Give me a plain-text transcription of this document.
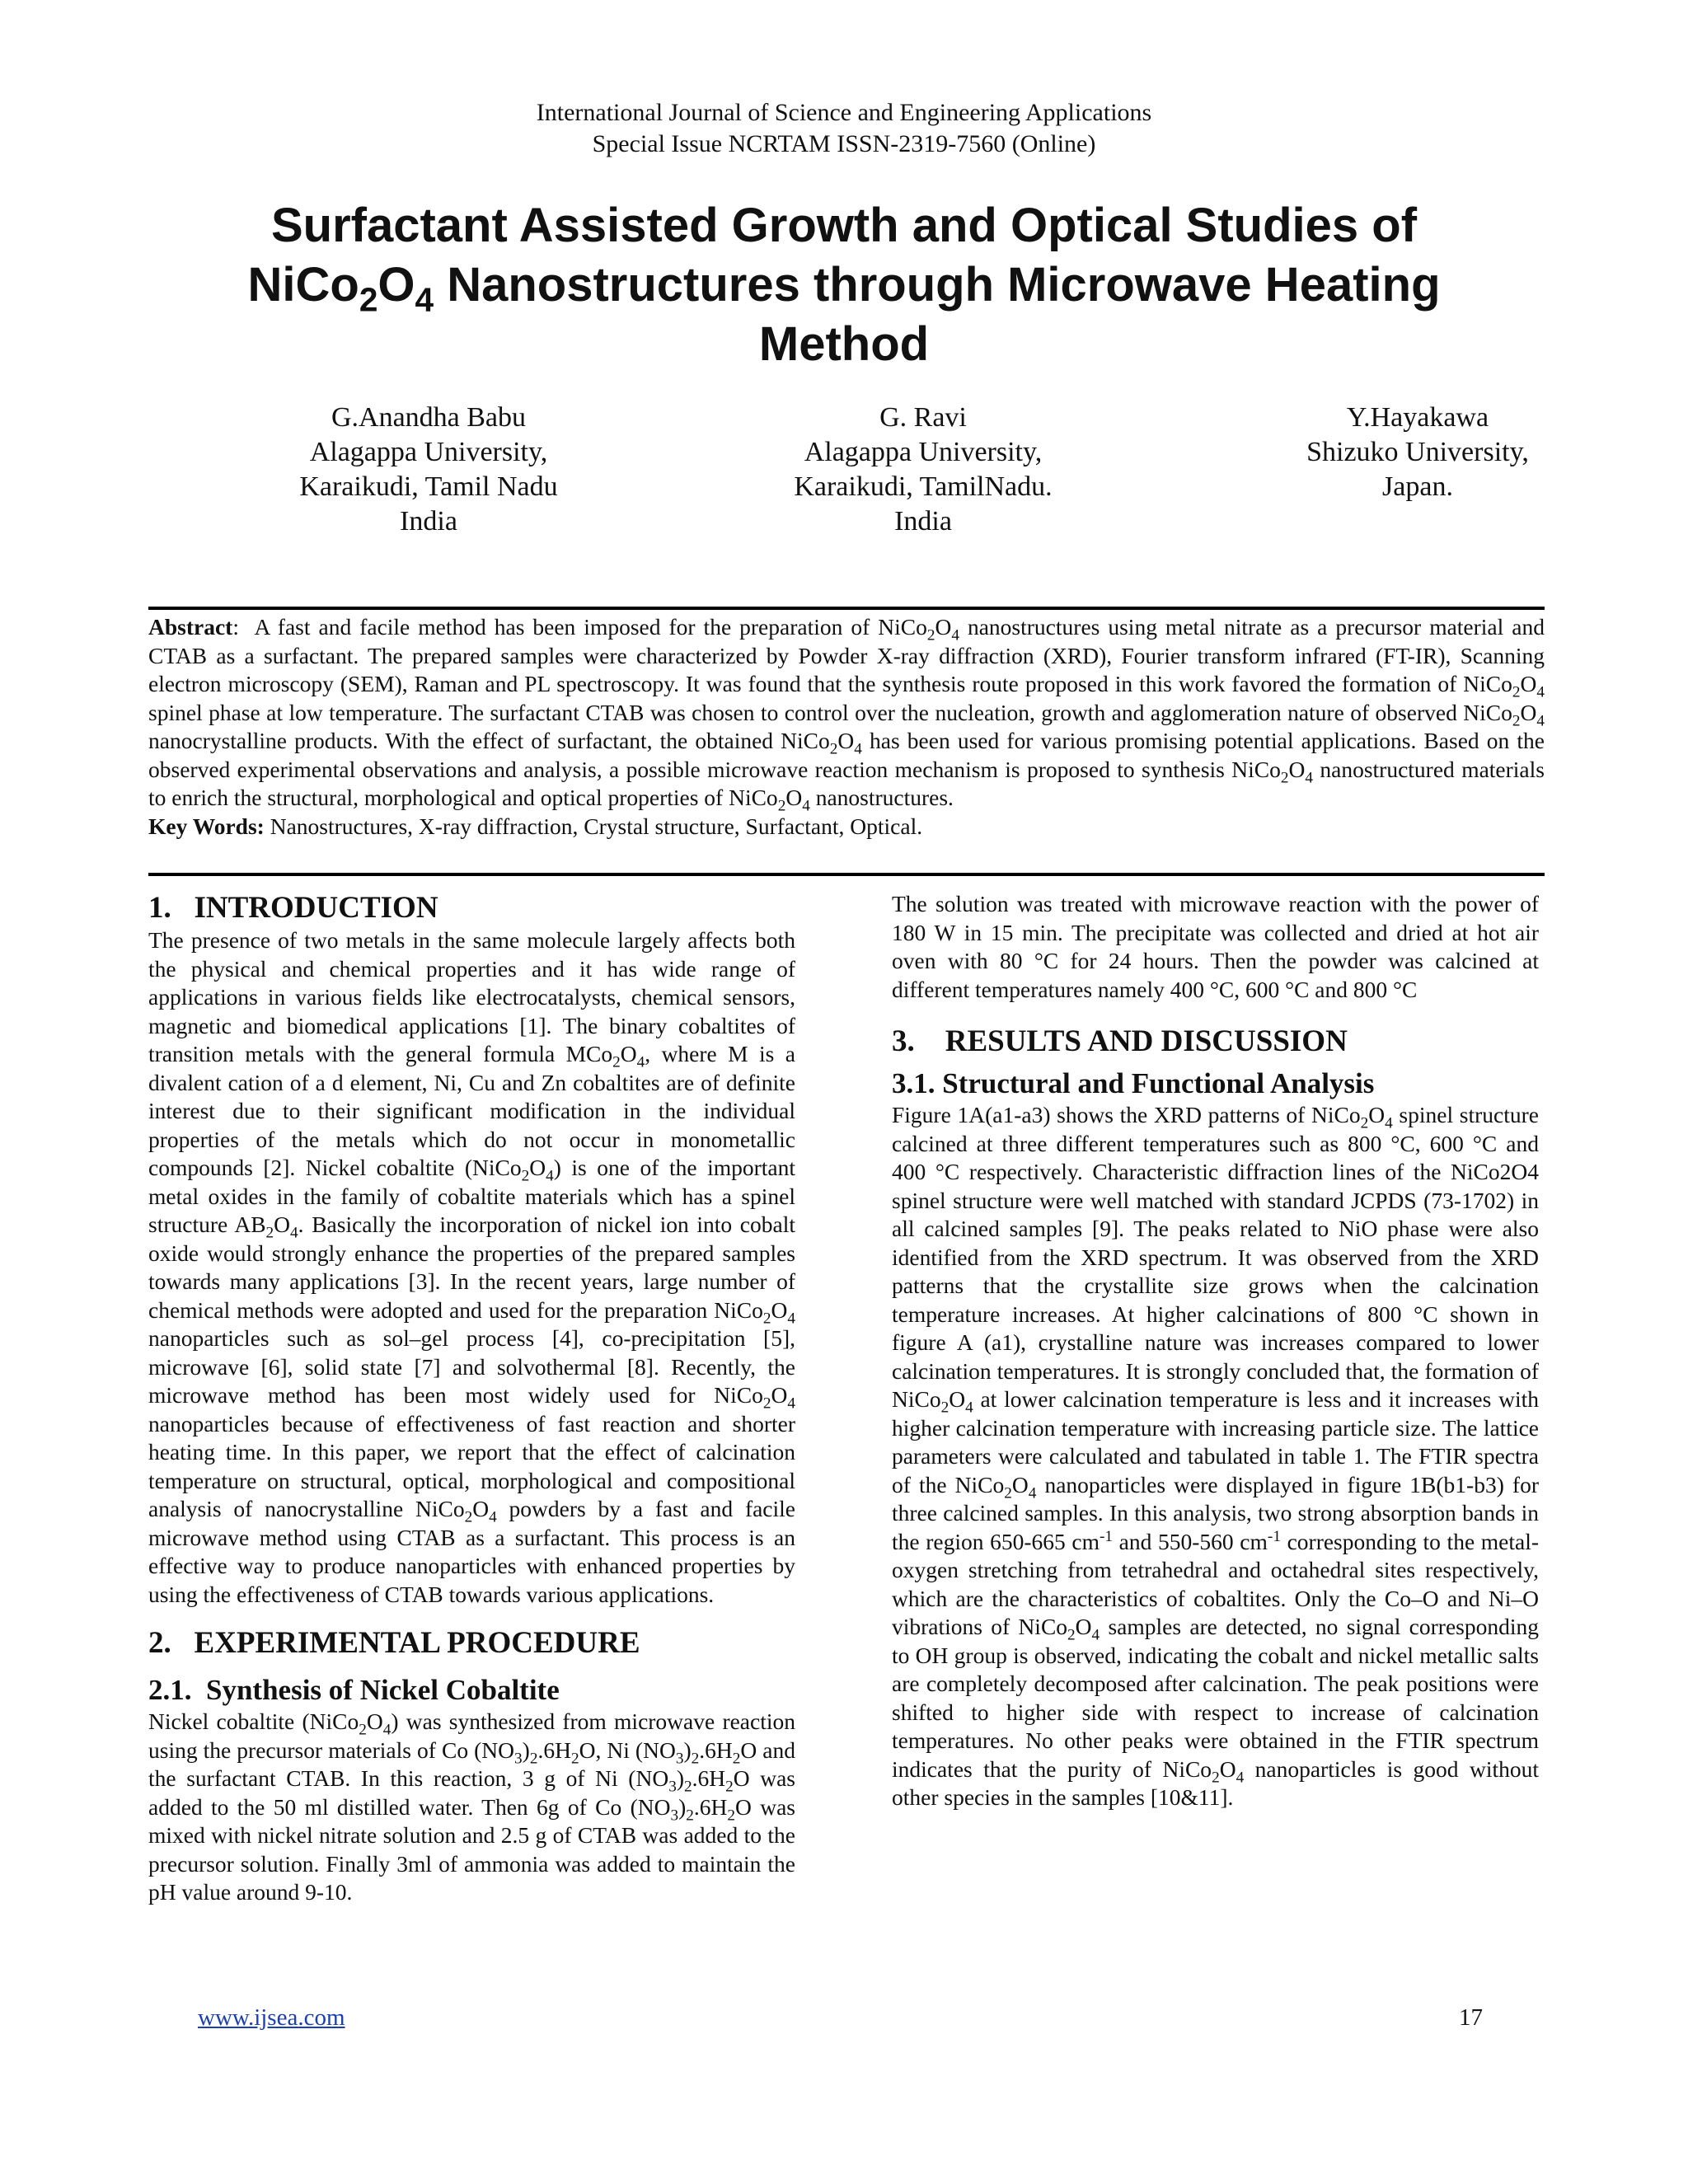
International Journal of Science and Engineering Applications
Special Issue NCRTAM ISSN-2319-7560 (Online)
Surfactant Assisted Growth and Optical Studies of
$NiCo_2O_4$ Nanostructures through Microwave Heating
Method
G.Anandha Babu
Alagappa University,
Karaikudi, Tamil Nadu
India
G. Ravi
Alagappa University,
Karaikudi, TamilNadu.
India
Y.Hayakawa
Shizuko University,
Japan.
Abstract:  A fast and facile method has been imposed for the preparation of $NiCo_2O_4$ nanostructures using metal nitrate as a precursor material and CTAB as a surfactant. The prepared samples were characterized by Powder X-ray diffraction (XRD), Fourier transform infrared (FT-IR), Scanning electron microscopy (SEM), Raman and PL spectroscopy. It was found that the synthesis route proposed in this work favored the formation of $NiCo_2O_4$ spinel phase at low temperature. The surfactant CTAB was chosen to control over the nucleation, growth and agglomeration nature of observed $NiCo_2O_4$ nanocrystalline products. With the effect of surfactant, the obtained $NiCo_2O_4$ has been used for various promising potential applications. Based on the observed experimental observations and analysis, a possible microwave reaction mechanism is proposed to synthesis $NiCo_2O_4$ nanostructured materials to enrich the structural, morphological and optical properties of $NiCo_2O_4$ nanostructures.
Key Words: Nanostructures, X-ray diffraction, Crystal structure, Surfactant, Optical.
1.   INTRODUCTION

The presence of two metals in the same molecule largely affects both the physical and chemical properties and it has wide range of applications in various fields like electrocatalysts, chemical sensors, magnetic and biomedical applications [1]. The binary cobaltites of transition metals with the general formula $MCo_2O_4$, where M is a divalent cation of a d element, Ni, Cu and Zn cobaltites are of definite interest due to their significant modification in the individual properties of the metals which do not occur in monometallic compounds [2]. Nickel cobaltite $(NiCo_2O_4)$ is one of the important metal oxides in the family of cobaltite materials which has a spinel structure $AB_2O_4$. Basically the incorporation of nickel ion into cobalt oxide would strongly enhance the properties of the prepared samples towards many applications [3]. In the recent years, large number of chemical methods were adopted and used for the preparation $NiCo_2O_4$ nanoparticles such as sol–gel process [4], co-precipitation [5], microwave [6], solid state [7] and solvothermal [8]. Recently, the microwave method has been most widely used for $NiCo_2O_4$ nanoparticles because of effectiveness of fast reaction and shorter heating time. In this paper, we report that the effect of calcination temperature on structural, optical, morphological and compositional analysis of nanocrystalline $NiCo_2O_4$ powders by a fast and facile microwave method using CTAB as a surfactant. This process is an effective way to produce nanoparticles with enhanced properties by using the effectiveness of CTAB towards various applications.

2.   EXPERIMENTAL PROCEDURE
2.1.  Synthesis of Nickel Cobaltite

Nickel cobaltite $(NiCo_2O_4)$ was synthesized from microwave reaction using the precursor materials of Co $(NO_3)_2.6H_2O$, Ni $(NO_3)_2.6H_2O$ and the surfactant CTAB. In this reaction, 3 g of Ni $(NO_3)_2.6H_2O$ was added to the 50 ml distilled water. Then 6g of Co $(NO_3)_2.6H_2O$ was mixed with nickel nitrate solution and 2.5 g of CTAB was added to the precursor solution. Finally 3ml of ammonia was added to maintain the pH value around 9-10.

The solution was treated with microwave reaction with the power of 180 W in 15 min. The precipitate was collected and dried at hot air oven with 80 °C for 24 hours. Then the powder was calcined at different temperatures namely 400 °C, 600 °C and 800 °C

3.    RESULTS AND DISCUSSION
3.1. Structural and Functional Analysis

Figure 1A(a1-a3) shows the XRD patterns of $NiCo_2O_4$ spinel structure calcined at three different temperatures such as 800 °C, 600 °C and 400 °C respectively. Characteristic diffraction lines of the NiCo2O4 spinel structure were well matched with standard JCPDS (73-1702) in all calcined samples [9]. The peaks related to NiO phase were also identified from the XRD spectrum. It was observed from the XRD patterns that the crystallite size grows when the calcination temperature increases. At higher calcinations of 800 °C shown in figure A (a1), crystalline nature was increases compared to lower calcination temperatures. It is strongly concluded that, the formation of $NiCo_2O_4$ at lower calcination temperature is less and it increases with higher calcination temperature with increasing particle size. The lattice parameters were calculated and tabulated in table 1. The FTIR spectra of the $NiCo_2O_4$ nanoparticles were displayed in figure 1B(b1-b3) for three calcined samples. In this analysis, two strong absorption bands in the region 650-665 $cm^{-1}$ and 550-560 $cm^{-1}$ corresponding to the metal-oxygen stretching from tetrahedral and octahedral sites respectively, which are the characteristics of cobaltites. Only the Co–O and Ni–O vibrations of $NiCo_2O_4$ samples are detected, no signal corresponding to OH group is observed, indicating the cobalt and nickel metallic salts are completely decomposed after calcination. The peak positions were shifted to higher side with respect to increase of calcination temperatures. No other peaks were obtained in the FTIR spectrum indicates that the purity of $NiCo_2O_4$ nanoparticles is good without other species in the samples [10&11].

www.ijsea.com	17
